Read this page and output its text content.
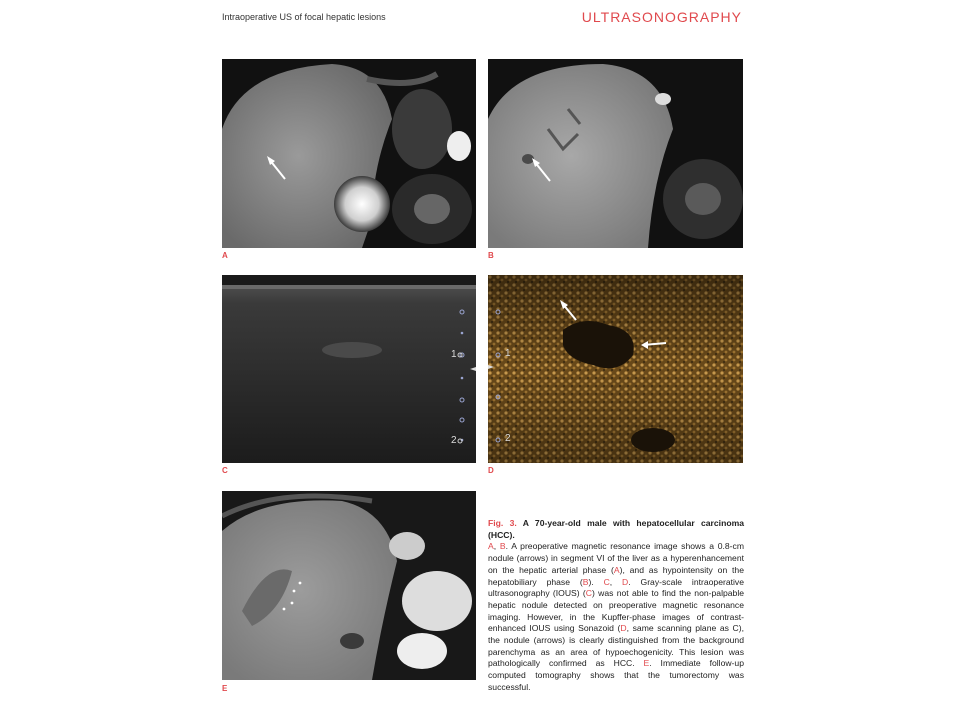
Intraoperative US of focal hepatic lesions	ULTRASONOGRAPHY
A	B
1
2
C
1
2
D
E
Fig. 3. A 70-year-old male with hepatocellular carcinoma (HCC).
A, B. A preoperative magnetic resonance image shows a 0.8-cm nodule (arrows) in segment VI of the liver as a hyperenhancement on the hepatic arterial phase (A), and as hypointensity on the hepatobiliary phase (B). C, D. Gray-scale intraoperative ultrasonography (IOUS) (C) was not able to find the non-palpable hepatic nodule detected on preoperative magnetic resonance imaging. However, in the Kupffer-phase images of contrast-enhanced IOUS using Sonazoid (D, same scanning plane as C), the nodule (arrows) is clearly distinguished from the background parenchyma as an area of hypoechogenicity. This lesion was pathologically confirmed as HCC. E. Immediate follow-up computed tomography shows that the tumorectomy was successful.
